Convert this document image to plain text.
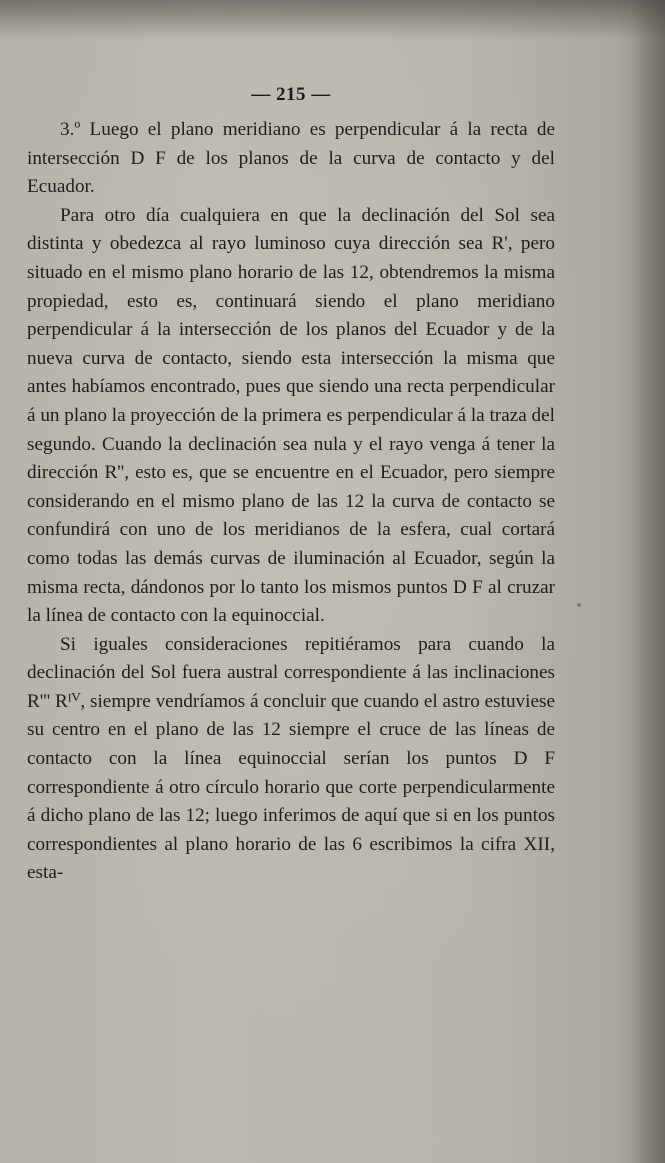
— 215 —

3.º Luego el plano meridiano es perpendicular á la recta de intersección D F de los planos de la curva de contacto y del Ecuador.

Para otro día cualquiera en que la declinación del Sol sea distinta y obedezca al rayo luminoso cuya dirección sea R', pero situado en el mismo plano horario de las 12, obtendremos la misma propiedad, esto es, continuará siendo el plano meridiano perpendicular á la intersección de los planos del Ecuador y de la nueva curva de contacto, siendo esta intersección la misma que antes habíamos encontrado, pues que siendo una recta perpendicular á un plano la proyección de la primera es perpendicular á la traza del segundo. Cuando la declinación sea nula y el rayo venga á tener la dirección R'', esto es, que se encuentre en el Ecuador, pero siempre considerando en el mismo plano de las 12 la curva de contacto se confundirá con uno de los meridianos de la esfera, cual cortará como todas las demás curvas de iluminación al Ecuador, según la misma recta, dándonos por lo tanto los mismos puntos D F al cruzar la línea de contacto con la equinoccial.

Si iguales consideraciones repitiéramos para cuando la declinación del Sol fuera austral correspondiente á las inclinaciones R''' Rᴵⱽ, siempre vendríamos á concluir que cuando el astro estuviese su centro en el plano de las 12 siempre el cruce de las líneas de contacto con la línea equinoccial serían los puntos D F correspondiente á otro círculo horario que corte perpendicularmente á dicho plano de las 12; luego inferimos de aquí que si en los puntos correspondientes al plano horario de las 6 escribimos la cifra XII, esta-
